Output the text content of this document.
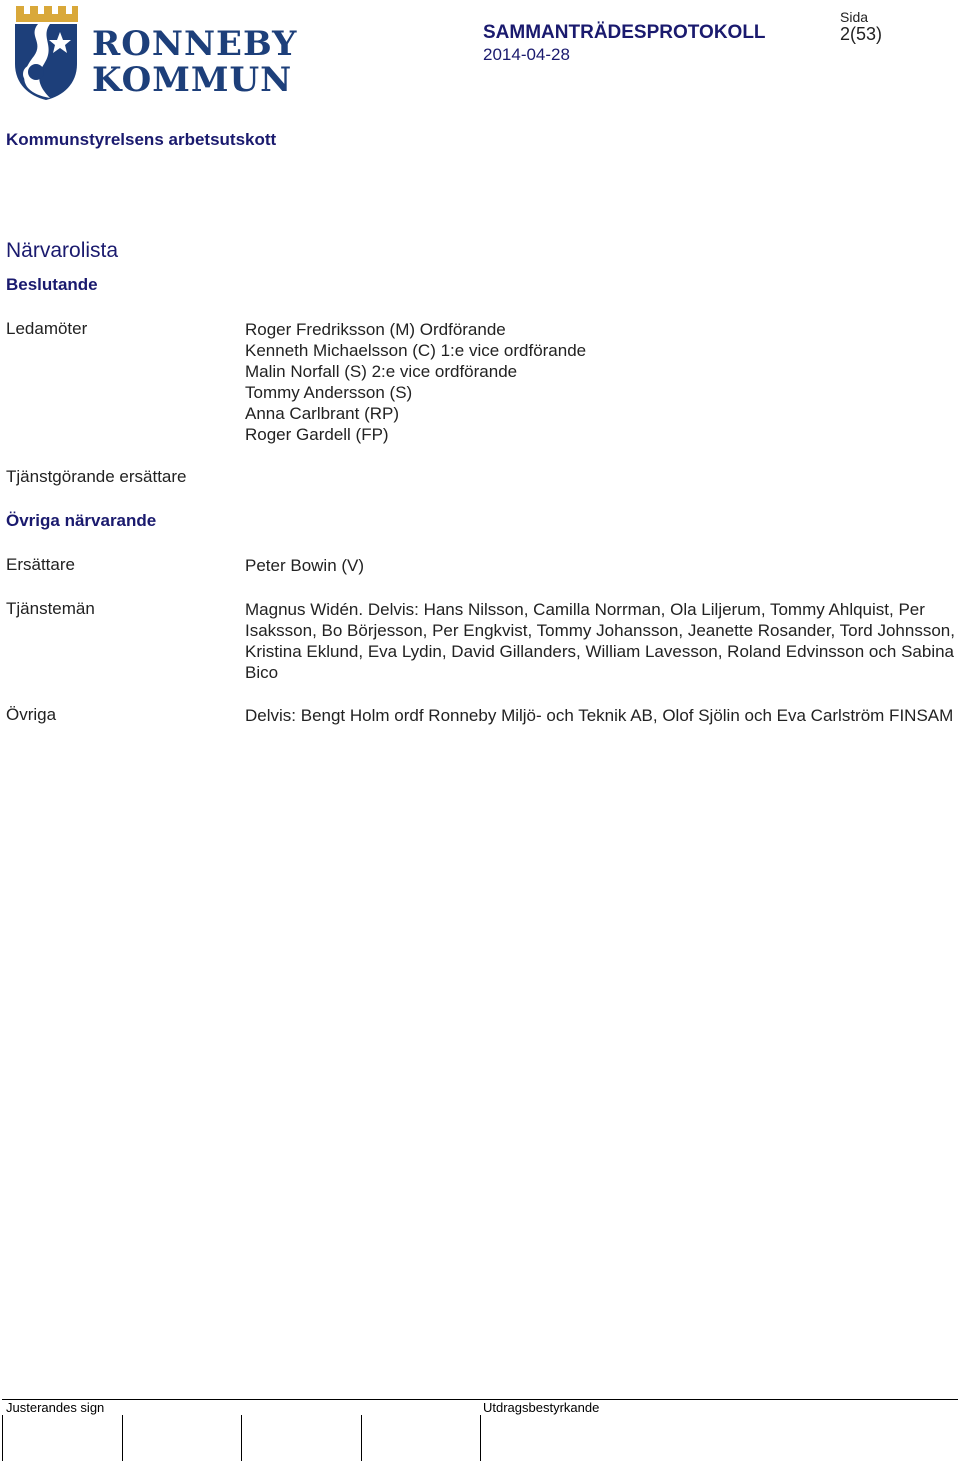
RONNEBY
KOMMUN
SAMMANTRÄDESPROTOKOLL
2014-04-28
Sida
2(53)
Kommunstyrelsens arbetsutskott
Närvarolista
Beslutande
Ledamöter	Roger Fredriksson (M) Ordförande
Kenneth Michaelsson (C) 1:e vice ordförande
Malin Norfall (S) 2:e vice ordförande
Tommy Andersson (S)
Anna Carlbrant (RP)
Roger Gardell (FP)
Tjänstgörande ersättare
Övriga närvarande
Ersättare	Peter Bowin (V)
Tjänstemän	Magnus Widén. Delvis: Hans Nilsson, Camilla Norrman, Ola Liljerum, Tommy Ahlquist, Per Isaksson, Bo Börjesson, Per Engkvist, Tommy Johansson, Jeanette Rosander, Tord Johnsson, Kristina Eklund, Eva Lydin, David Gillanders, William Lavesson, Roland Edvinsson och Sabina Bico
Övriga	Delvis: Bengt Holm ordf Ronneby Miljö- och Teknik AB, Olof Sjölin och Eva Carlström FINSAM
Justerandes sign	Utdragsbestyrkande
